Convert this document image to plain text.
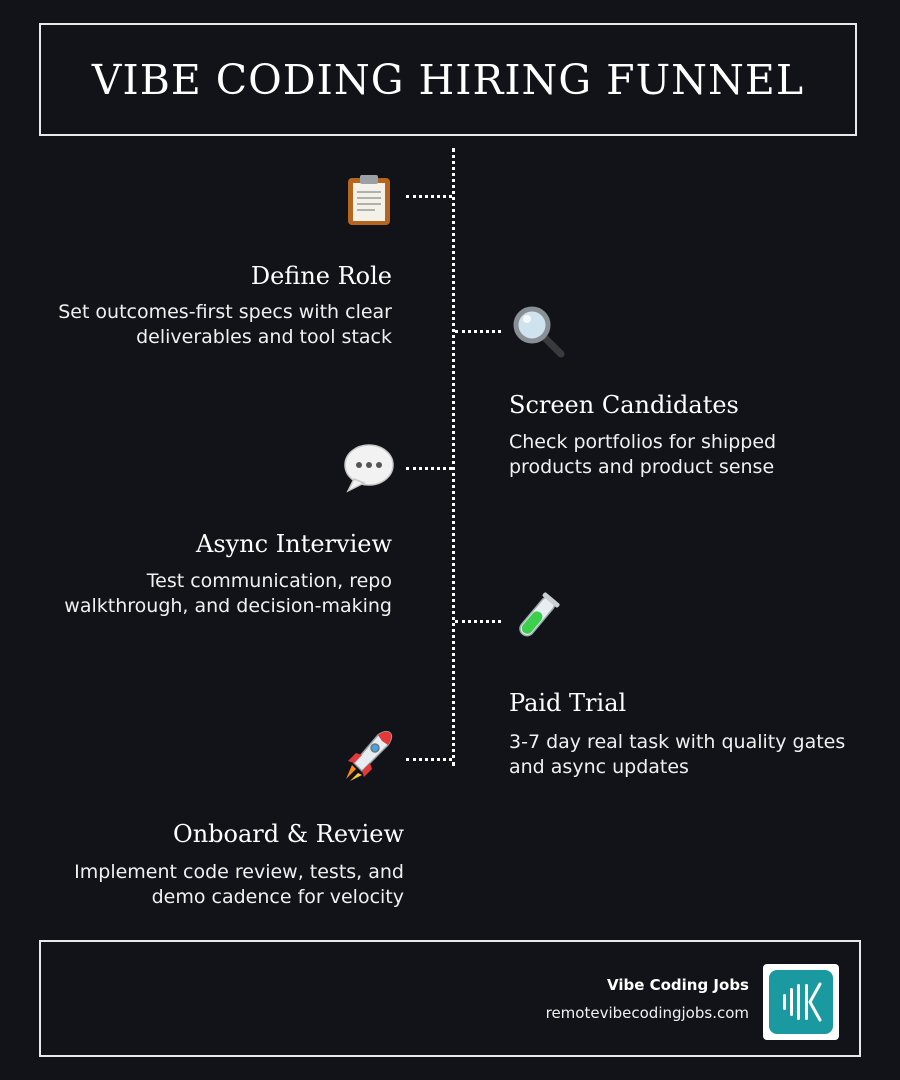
VIBE CODING HIRING FUNNEL
Define Role
Set outcomes-first specs with clear
deliverables and tool stack
Screen Candidates
Check portfolios for shipped
products and product sense
Async Interview
Test communication, repo
walkthrough, and decision-making
Paid Trial
3-7 day real task with quality gates
and async updates
Onboard & Review
Implement code review, tests, and
demo cadence for velocity
Vibe Coding Jobs
remotevibecodingjobs.com
